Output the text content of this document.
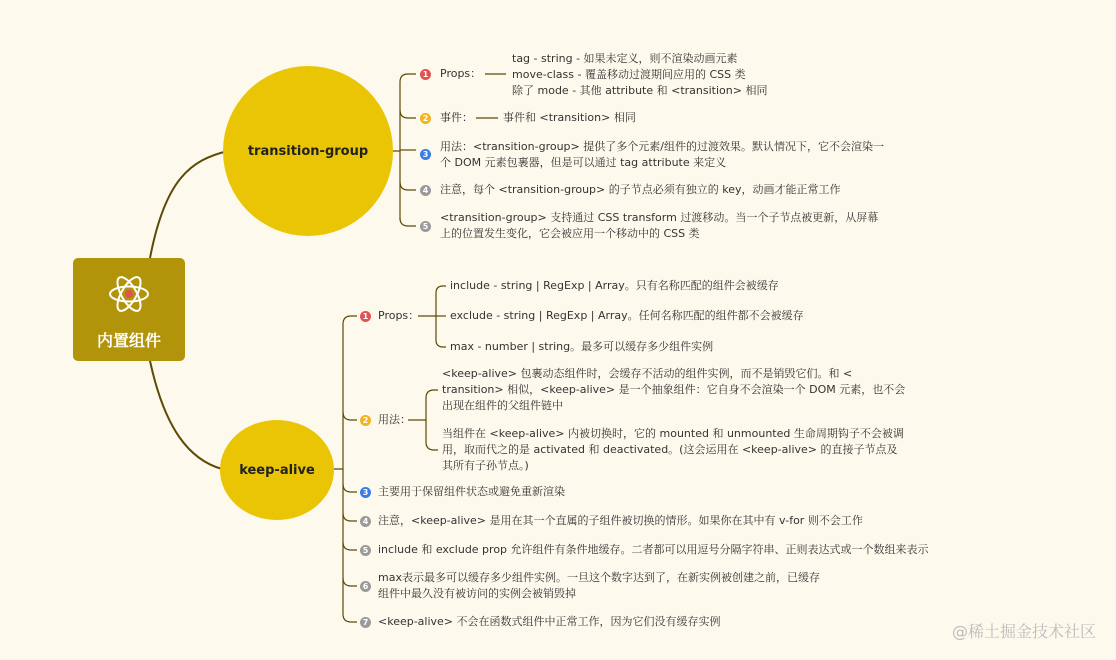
内置组件
transition-group
keep-alive
1 Props：
tag - string - 如果未定义，则不渲染动画元素
move-class - 覆盖移动过渡期间应用的 CSS 类
除了 mode - 其他 attribute 和 <transition> 相同
2 事件：	事件和 <transition> 相同
3
用法：<transition-group> 提供了多个元素/组件的过渡效果。默认情况下，它不会渲染一
个 DOM 元素包裹器，但是可以通过 tag attribute 来定义
4 注意，每个 <transition-group> 的子节点必须有独立的 key，动画才能正常工作
5
<transition-group> 支持通过 CSS transform 过渡移动。当一个子节点被更新，从屏幕
上的位置发生变化，它会被应用一个移动中的 CSS 类
1 Props：
include - string | RegExp | Array。只有名称匹配的组件会被缓存
exclude - string | RegExp | Array。任何名称匹配的组件都不会被缓存
max - number | string。最多可以缓存多少组件实例
2 用法：
<keep-alive> 包裹动态组件时，会缓存不活动的组件实例，而不是销毁它们。和 <
transition> 相似，<keep-alive> 是一个抽象组件：它自身不会渲染一个 DOM 元素，也不会
出现在组件的父组件链中
当组件在 <keep-alive> 内被切换时，它的 mounted 和 unmounted 生命周期钩子不会被调
用，取而代之的是 activated 和 deactivated。(这会运用在 <keep-alive> 的直接子节点及
其所有子孙节点。)
3 主要用于保留组件状态或避免重新渲染
4 注意，<keep-alive> 是用在其一个直属的子组件被切换的情形。如果你在其中有 v-for 则不会工作
5 include 和 exclude prop 允许组件有条件地缓存。二者都可以用逗号分隔字符串、正则表达式或一个数组来表示
6
max表示最多可以缓存多少组件实例。一旦这个数字达到了，在新实例被创建之前，已缓存
组件中最久没有被访问的实例会被销毁掉
7 <keep-alive> 不会在函数式组件中正常工作，因为它们没有缓存实例
@稀土掘金技术社区
